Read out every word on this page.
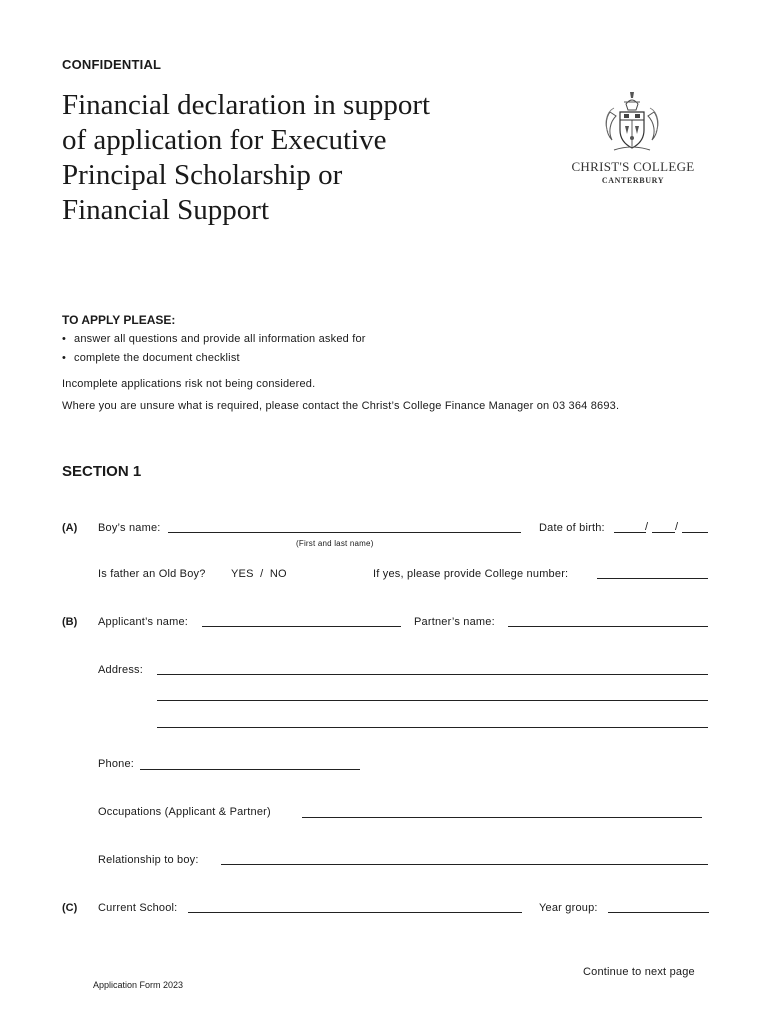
CONFIDENTIAL
Financial declaration in support
of application for Executive
Principal Scholarship or
Financial Support
CHRIST'S COLLEGE
CANTERBURY
TO APPLY PLEASE:
• answer all questions and provide all information asked for
• complete the document checklist
Incomplete applications risk not being considered.
Where you are unsure what is required, please contact the Christ’s College Finance Manager on 03 364 8693.
SECTION 1
(A) Boy’s name:
(First and last name)
Date of birth:	/ /
Is father an Old Boy? YES  /  NO	If yes, please provide College number:
(B) Applicant’s name:	Partner’s name:
Address:
Phone:
Occupations (Applicant & Partner)
Relationship to boy:
(C) Current School:	Year group:
Continue to next page
Application Form 2023
